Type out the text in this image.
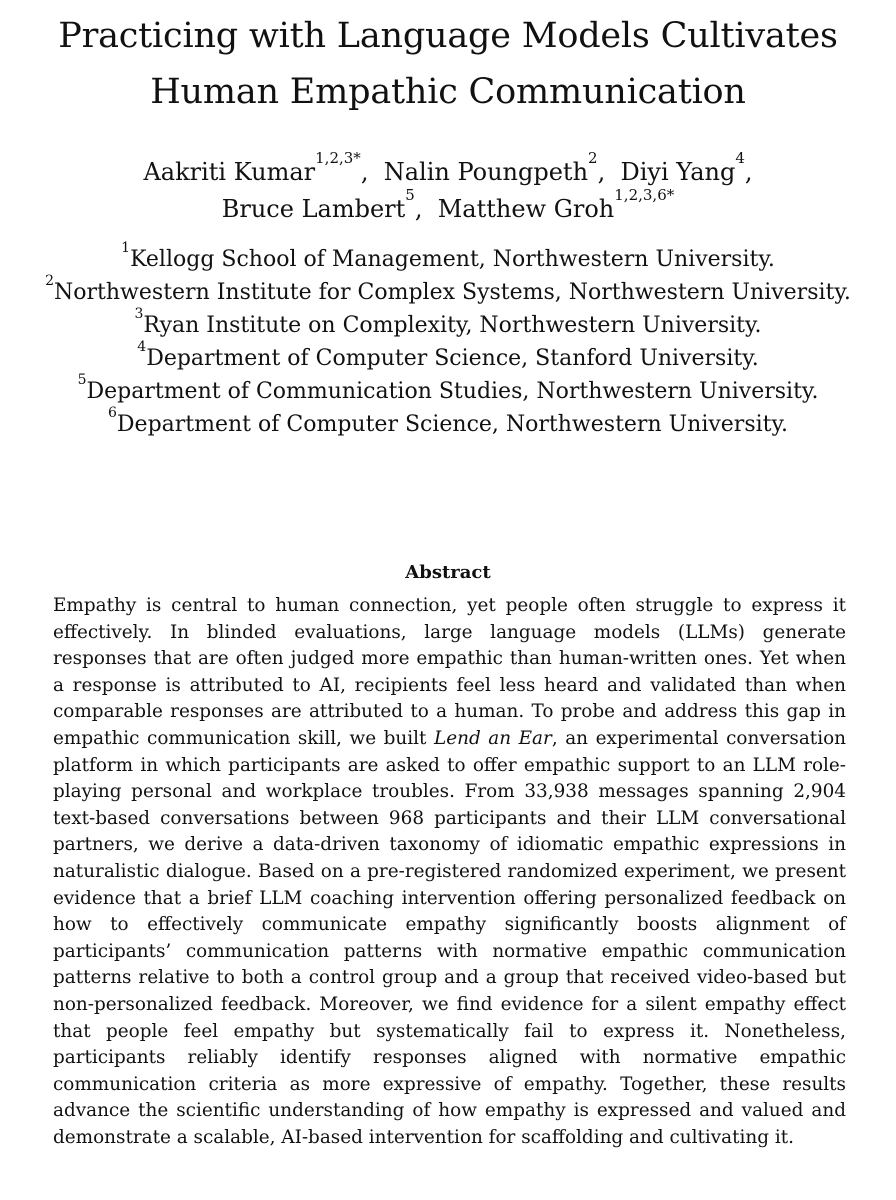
Practicing with Language Models Cultivates
Human Empathic Communication
Aakriti Kumar$^{1,2,3*}$,  Nalin Poungpeth$^2$,  Diyi Yang$^4$,
Bruce Lambert$^5$,  Matthew Groh$^{1,2,3,6*}$
$^1$Kellogg School of Management, Northwestern University.
$^2$Northwestern Institute for Complex Systems, Northwestern University.
$^3$Ryan Institute on Complexity, Northwestern University.
$^4$Department of Computer Science, Stanford University.
$^5$Department of Communication Studies, Northwestern University.
$^6$Department of Computer Science, Northwestern University.
Abstract

Empathy is central to human connection, yet people often struggle to express it effectively. In blinded evaluations, large language models (LLMs) generate responses that are often judged more empathic than human-written ones. Yet when a response is attributed to AI, recipients feel less heard and validated than when comparable responses are attributed to a human. To probe and address this gap in empathic communication skill, we built Lend an Ear, an experimental conversation platform in which participants are asked to offer empathic support to an LLM role-playing personal and workplace troubles. From 33,938 messages spanning 2,904 text-based conversations between 968 participants and their LLM conversational partners, we derive a data-driven taxonomy of idiomatic empathic expressions in naturalistic dialogue. Based on a pre-registered randomized experiment, we present evidence that a brief LLM coaching intervention offering personalized feedback on how to effectively communicate empathy significantly boosts alignment of participants’ communication patterns with normative empathic communication patterns relative to both a control group and a group that received video-based but non-personalized feedback. Moreover, we find evidence for a silent empathy effect that people feel empathy but systematically fail to express it. Nonetheless, participants reliably identify responses aligned with normative empathic communication criteria as more expressive of empathy. Together, these results advance the scientific understanding of how empathy is expressed and valued and demonstrate a scalable, AI-based intervention for scaffolding and cultivating it.
